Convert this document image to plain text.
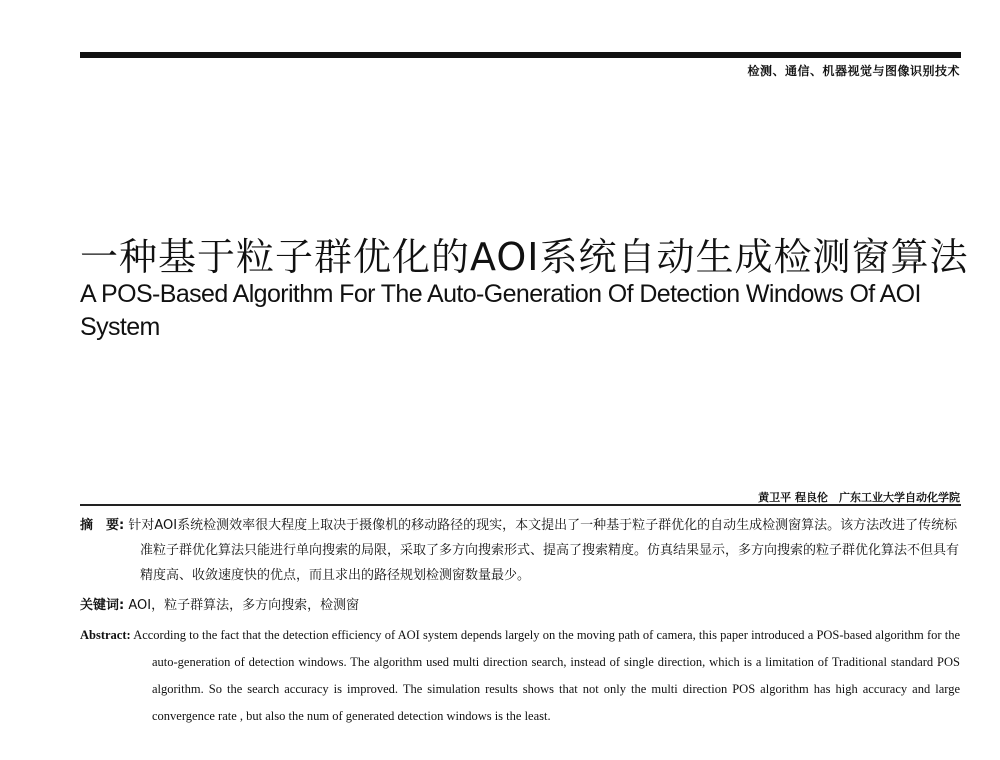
检测、通信、机器视觉与图像识别技术
一种基于粒子群优化的AOI系统自动生成检测窗算法
A POS-Based Algorithm For The Auto-Generation Of Detection Windows Of AOI System
黄卫平 程良伦　广东工业大学自动化学院
摘　要: 针对AOI系统检测效率很大程度上取决于摄像机的移动路径的现实，本文提出了一种基于粒子群优化的自动生成检测窗算法。该方法改进了传统标准粒子群优化算法只能进行单向搜索的局限，采取了多方向搜索形式、提高了搜索精度。仿真结果显示，多方向搜索的粒子群优化算法不但具有精度高、收敛速度快的优点，而且求出的路径规划检测窗数量最少。
关键词: AOI，粒子群算法，多方向搜索，检测窗
Abstract: According to the fact that the detection efficiency of AOI system depends largely on the moving path of camera, this paper introduced a POS-based algorithm for the auto-generation of detection windows. The algorithm used multi direction search, instead of single direction, which is a limitation of Traditional standard POS algorithm. So the search accuracy is improved. The simulation results shows that not only the multi direction POS algorithm has high accuracy and large convergence rate , but also the num of generated detection windows is the least.
